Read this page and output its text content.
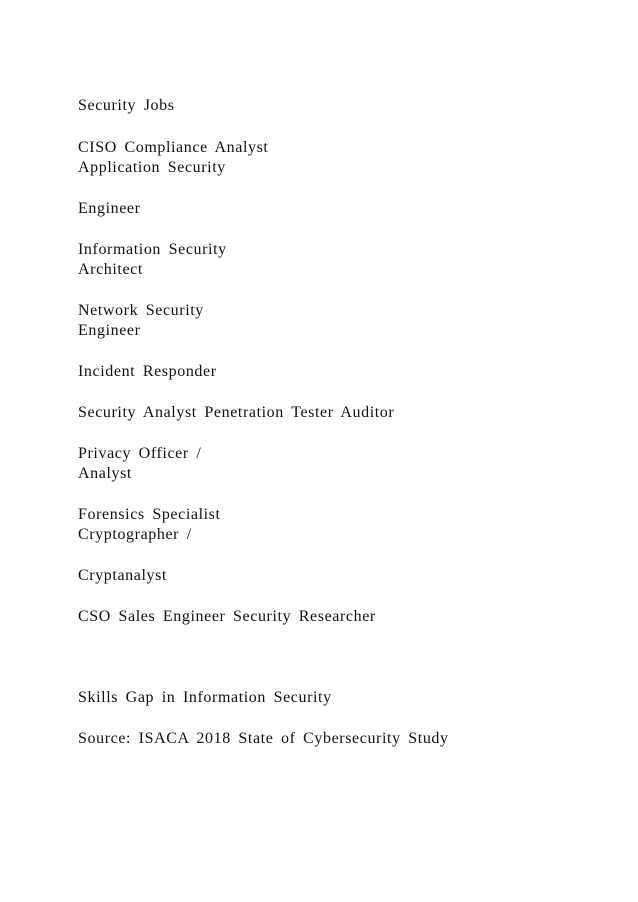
Security Jobs
CISO Compliance Analyst
Application Security
Engineer
Information Security
Architect
Network Security
Engineer
Incident Responder
Security Analyst Penetration Tester Auditor
Privacy Officer /
Analyst
Forensics Specialist
Cryptographer /
Cryptanalyst
CSO Sales Engineer Security Researcher
Skills Gap in Information Security
Source: ISACA 2018 State of Cybersecurity Study
